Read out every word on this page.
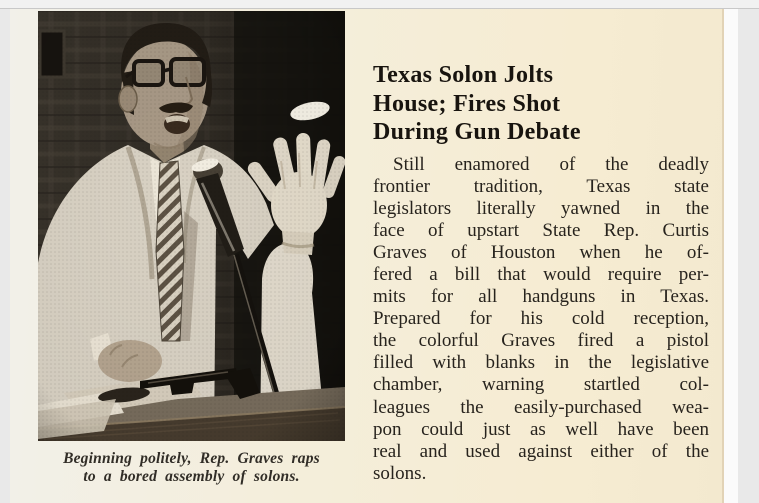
Beginning politely, Rep. Graves raps
to a bored assembly of solons.
Texas Solon Jolts
House; Fires Shot
During Gun Debate
Still enamored of the deadly
frontier tradition, Texas state
legislators literally yawned in the
face of upstart State Rep. Curtis
Graves of Houston when he of-
fered a bill that would require per-
mits for all handguns in Texas.
Prepared for his cold reception,
the colorful Graves fired a pistol
filled with blanks in the legislative
chamber, warning startled col-
leagues the easily-purchased wea-
pon could just as well have been
real and used against either of the
solons.
